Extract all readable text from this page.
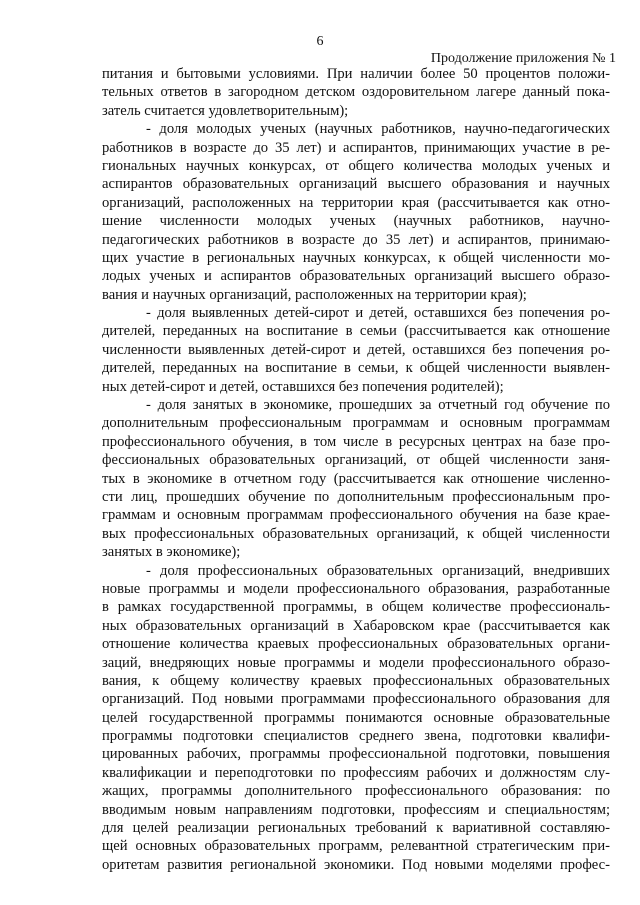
6
Продолжение приложения № 1
питания и бытовыми условиями. При наличии более 50 процентов положи-
тельных ответов в загородном детском оздоровительном лагере данный пока-
затель считается удовлетворительным);
- доля молодых ученых (научных работников, научно-педагогических
работников в возрасте до 35 лет) и аспирантов, принимающих участие в ре-
гиональных научных конкурсах, от общего количества молодых ученых и
аспирантов образовательных организаций высшего образования и научных
организаций, расположенных на территории края (рассчитывается как отно-
шение численности молодых ученых (научных работников, научно-
педагогических работников в возрасте до 35 лет) и аспирантов, принимаю-
щих участие в региональных научных конкурсах, к общей численности мо-
лодых ученых и аспирантов образовательных организаций высшего образо-
вания и научных организаций, расположенных на территории края);
- доля выявленных детей-сирот и детей, оставшихся без попечения ро-
дителей, переданных на воспитание в семьи (рассчитывается как отношение
численности выявленных детей-сирот и детей, оставшихся без попечения ро-
дителей, переданных на воспитание в семьи, к общей численности выявлен-
ных детей-сирот и детей, оставшихся без попечения родителей);
- доля занятых в экономике, прошедших за отчетный год обучение по
дополнительным профессиональным программам и основным программам
профессионального обучения, в том числе в ресурсных центрах на базе про-
фессиональных образовательных организаций, от общей численности заня-
тых в экономике в отчетном году (рассчитывается как отношение численно-
сти лиц, прошедших обучение по дополнительным профессиональным про-
граммам и основным программам профессионального обучения на базе крае-
вых профессиональных образовательных организаций, к общей численности
занятых в экономике);
- доля профессиональных образовательных организаций, внедривших
новые программы и модели профессионального образования, разработанные
в рамках государственной программы, в общем количестве профессиональ-
ных образовательных организаций в Хабаровском крае (рассчитывается как
отношение количества краевых профессиональных образовательных органи-
заций, внедряющих новые программы и модели профессионального образо-
вания, к общему количеству краевых профессиональных образовательных
организаций. Под новыми программами профессионального образования для
целей государственной программы понимаются основные образовательные
программы подготовки специалистов среднего звена, подготовки квалифи-
цированных рабочих, программы профессиональной подготовки, повышения
квалификации и переподготовки по профессиям рабочих и должностям слу-
жащих, программы дополнительного профессионального образования: по
вводимым новым направлениям подготовки, профессиям и специальностям;
для целей реализации региональных требований к вариативной составляю-
щей основных образовательных программ, релевантной стратегическим при-
оритетам развития региональной экономики. Под новыми моделями профес-
